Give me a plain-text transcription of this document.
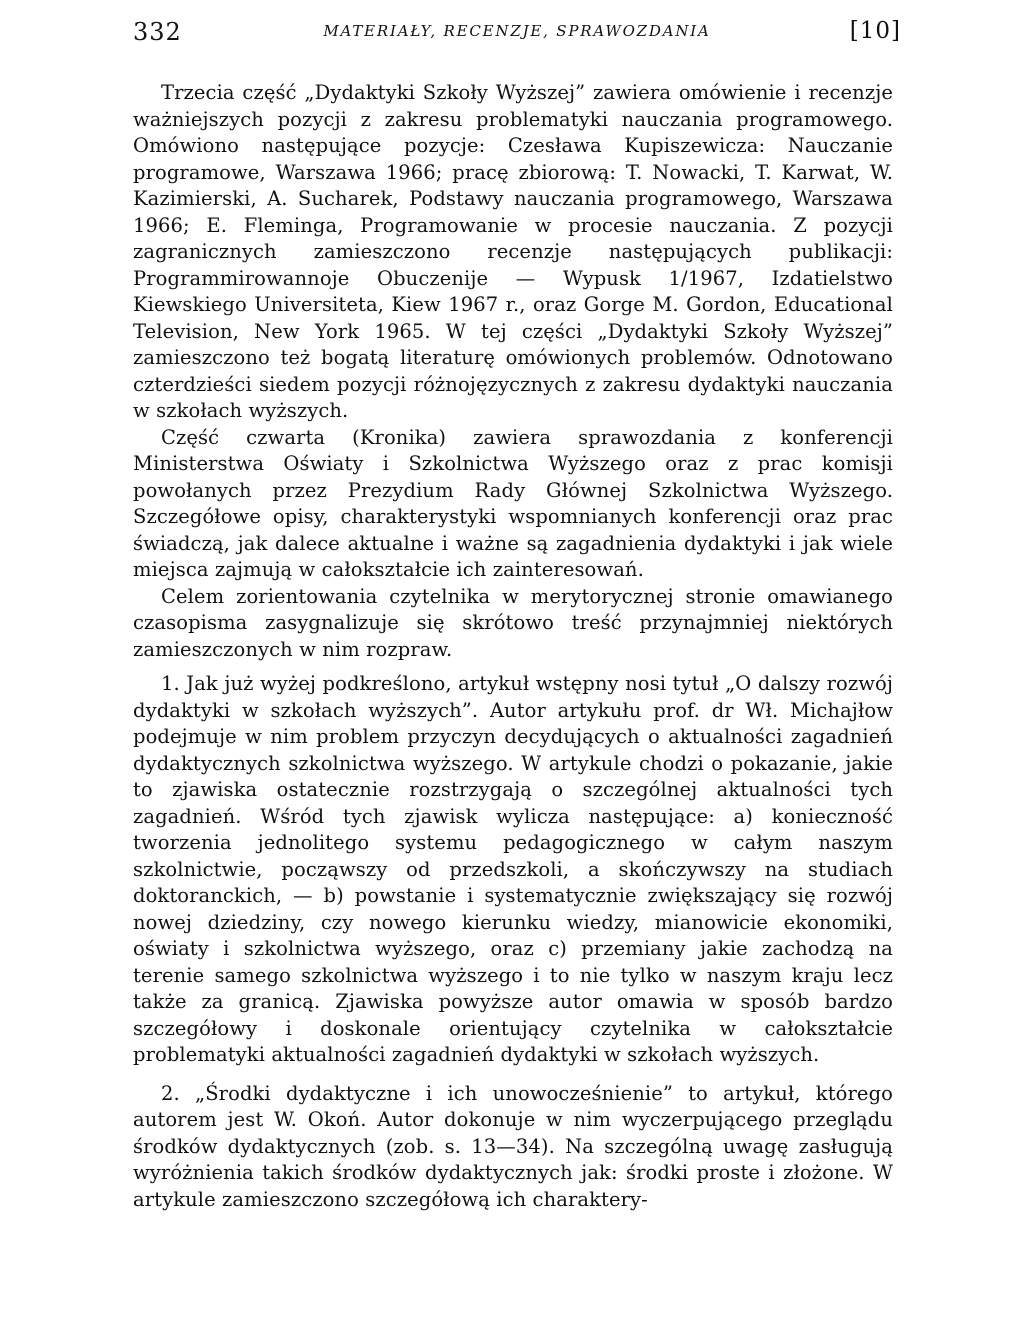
332	MATERIAŁY, RECENZJE, SPRAWOZDANIA	[10]

Trzecia część „Dydaktyki Szkoły Wyższej” zawiera omówienie i recenzje ważniejszych pozycji z zakresu problematyki nauczania programowego. Omówiono następujące pozycje: Czesława Kupiszewicza: Nauczanie programowe, Warszawa 1966; pracę zbiorową: T. Nowacki, T. Karwat, W. Kazimierski, A. Sucharek, Podstawy nauczania programowego, Warszawa 1966; E. Fleminga, Programowanie w procesie nauczania. Z pozycji zagranicznych zamieszczono recenzje następujących publikacji: Programmirowannoje Obuczenije — Wypusk 1/1967, Izdatielstwo Kiewskiego Universiteta, Kiew 1967 r., oraz Gorge M. Gordon, Educational Television, New York 1965. W tej części „Dydaktyki Szkoły Wyższej” zamieszczono też bogatą literaturę omówionych problemów. Odnotowano czterdzieści siedem pozycji różnojęzycznych z zakresu dydaktyki nauczania w szkołach wyższych.

Część czwarta (Kronika) zawiera sprawozdania z konferencji Ministerstwa Oświaty i Szkolnictwa Wyższego oraz z prac komisji powołanych przez Prezydium Rady Głównej Szkolnictwa Wyższego. Szczegółowe opisy, charakterystyki wspomnianych konferencji oraz prac świadczą, jak dalece aktualne i ważne są zagadnienia dydaktyki i jak wiele miejsca zajmują w całokształcie ich zainteresowań.

Celem zorientowania czytelnika w merytorycznej stronie omawianego czasopisma zasygnalizuje się skrótowo treść przynajmniej niektórych zamieszczonych w nim rozpraw.

1. Jak już wyżej podkreślono, artykuł wstępny nosi tytuł „O dalszy rozwój dydaktyki w szkołach wyższych”. Autor artykułu prof. dr Wł. Michajłow podejmuje w nim problem przyczyn decydujących o aktualności zagadnień dydaktycznych szkolnictwa wyższego. W artykule chodzi o pokazanie, jakie to zjawiska ostatecznie rozstrzygają o szczególnej aktualności tych zagadnień. Wśród tych zjawisk wylicza następujące: a) konieczność tworzenia jednolitego systemu pedagogicznego w całym naszym szkolnictwie, począwszy od przedszkoli, a skończywszy na studiach doktoranckich, — b) powstanie i systematycznie zwiększający się rozwój nowej dziedziny, czy nowego kierunku wiedzy, mianowicie ekonomiki, oświaty i szkolnictwa wyższego, oraz c) przemiany jakie zachodzą na terenie samego szkolnictwa wyższego i to nie tylko w naszym kraju lecz także za granicą. Zjawiska powyższe autor omawia w sposób bardzo szczegółowy i doskonale orientujący czytelnika w całokształcie problematyki aktualności zagadnień dydaktyki w szkołach wyższych.

2. „Środki dydaktyczne i ich unowocześnienie” to artykuł, którego autorem jest W. Okoń. Autor dokonuje w nim wyczerpującego przeglądu środków dydaktycznych (zob. s. 13—34). Na szczególną uwagę zasługują wyróżnienia takich środków dydaktycznych jak: środki proste i złożone. W artykule zamieszczono szczegółową ich charaktery-
